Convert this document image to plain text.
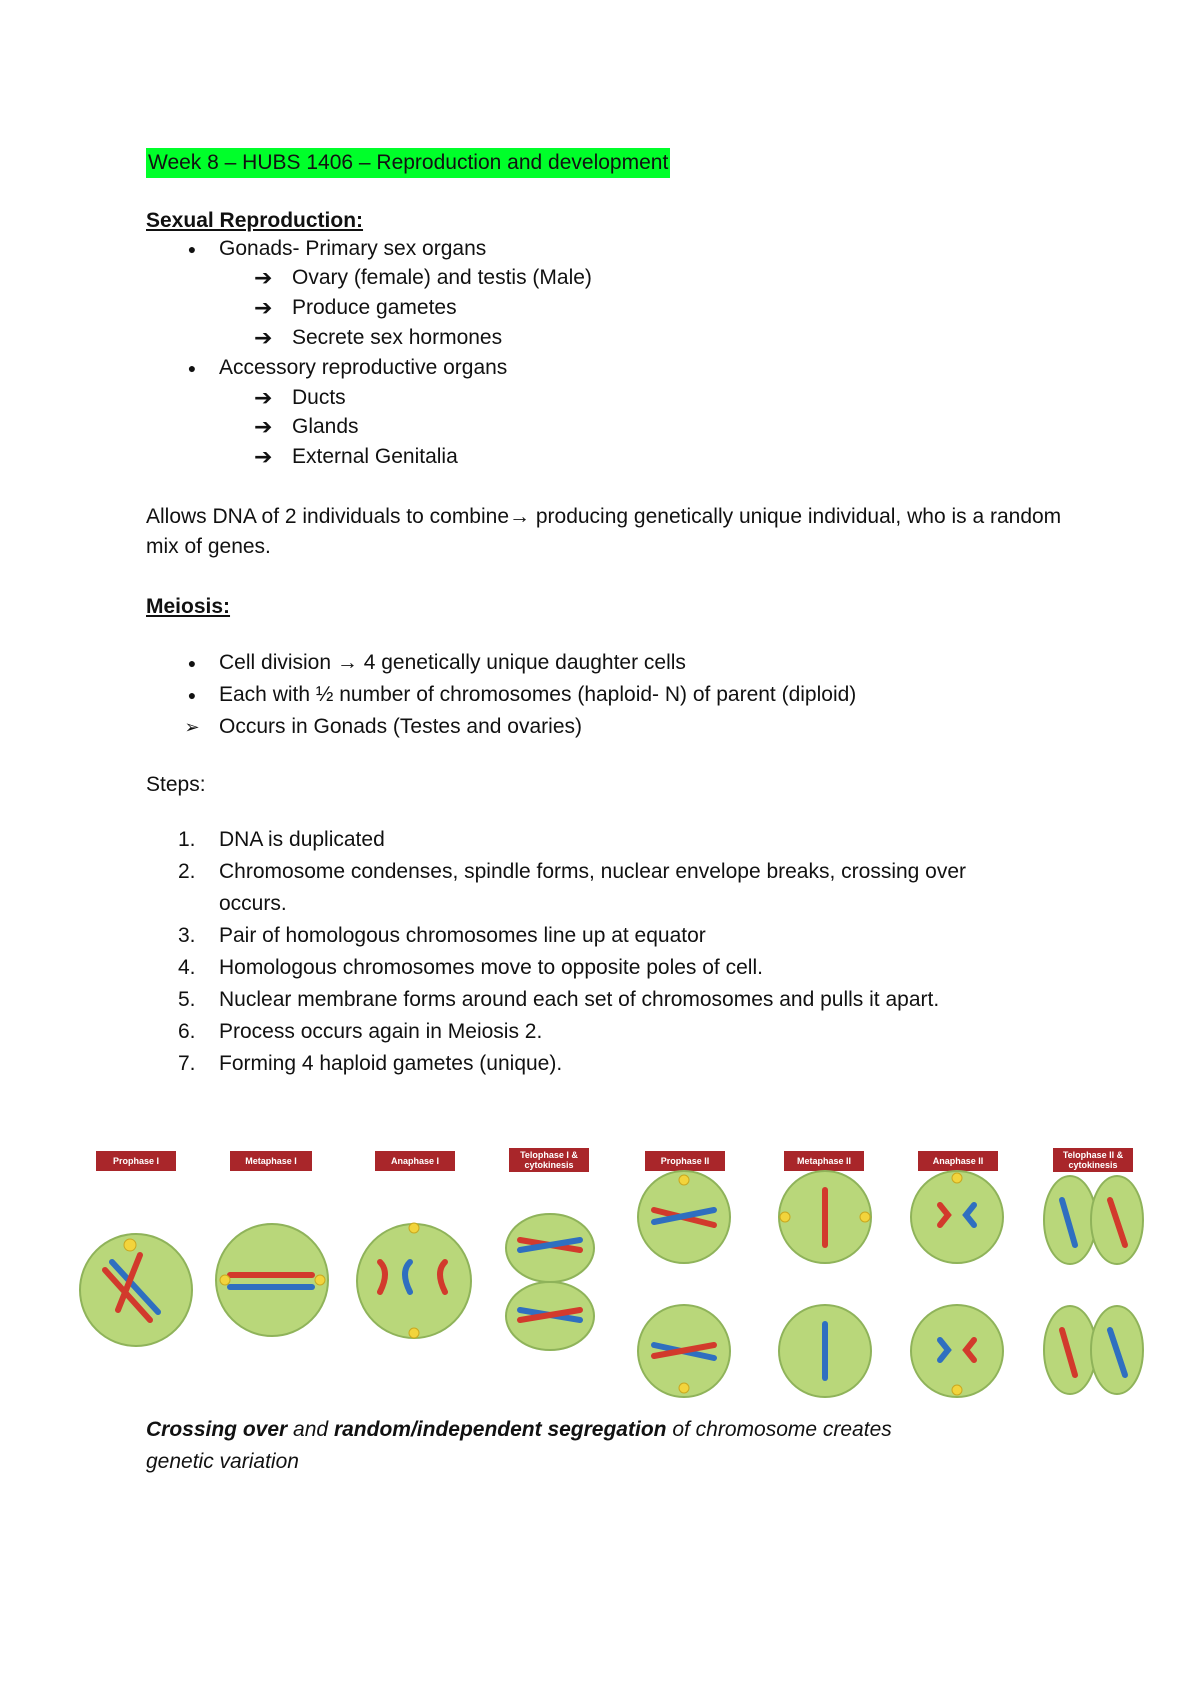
Week 8 – HUBS 1406 – Reproduction and development
Sexual Reproduction:
● Gonads- Primary sex organs
➔ Ovary (female) and testis (Male)
➔ Produce gametes
➔ Secrete sex hormones
● Accessory reproductive organs
➔ Ducts
➔ Glands
➔ External Genitalia
Allows DNA of 2 individuals to combine→ producing genetically unique individual, who is a random mix of genes.
Meiosis:
● Cell division → 4 genetically unique daughter cells
● Each with ½ number of chromosomes (haploid- N) of parent (diploid)
➢ Occurs in Gonads (Testes and ovaries)
Steps:
1.	DNA is duplicated
2.	Chromosome condenses, spindle forms, nuclear envelope breaks, crossing over
occurs.
3.	Pair of homologous chromosomes line up at equator
4.	Homologous chromosomes move to opposite poles of cell.
5.	Nuclear membrane forms around each set of chromosomes and pulls it apart.
6.	Process occurs again in Meiosis 2.
7.	Forming 4 haploid gametes (unique).
Prophase I	Metaphase I	Anaphase I
Telophase I & cytokinesis	Prophase II	Metaphase II	Anaphase II
Telophase II & cytokinesis
Crossing over and random/independent segregation of chromosome creates genetic variation
